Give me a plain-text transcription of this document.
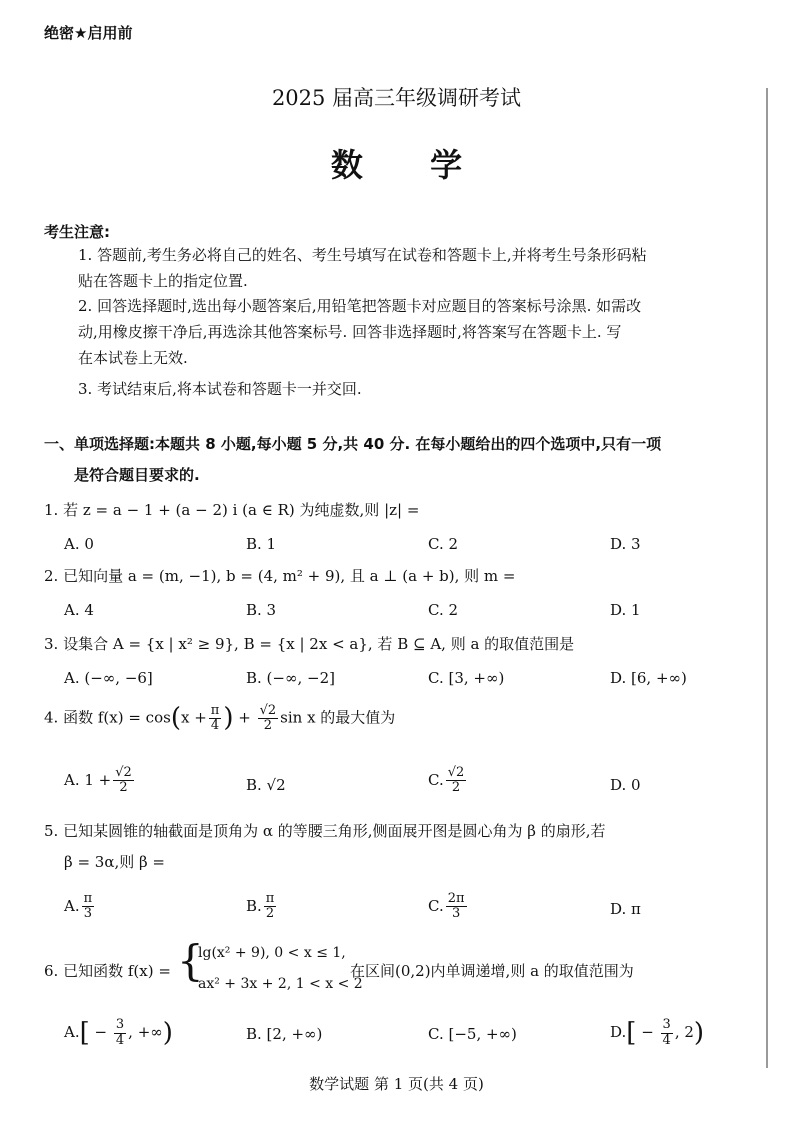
绝密★启用前
2025 届高三年级调研考试
数 学
考生注意:
1. 答题前,考生务必将自己的姓名、考生号填写在试卷和答题卡上,并将考生号条形码粘
贴在答题卡上的指定位置.
2. 回答选择题时,选出每小题答案后,用铅笔把答题卡对应题目的答案标号涂黑. 如需改
动,用橡皮擦干净后,再选涂其他答案标号. 回答非选择题时,将答案写在答题卡上. 写
在本试卷上无效.
3. 考试结束后,将本试卷和答题卡一并交回.
一、单项选择题:本题共 8 小题,每小题 5 分,共 40 分. 在每小题给出的四个选项中,只有一项
是符合题目要求的.
1. 若 z = a − 1 + (a − 2) i (a ∈ R) 为纯虚数,则 |z| =
A. 0	B. 1	C. 2	D. 3
2. 已知向量 a = (m, −1), b = (4, m² + 9), 且 a ⊥ (a + b), 则 m =
A. 4	B. 3	C. 2	D. 1
3. 设集合 A = {x | x² ≥ 9}, B = {x | 2x < a}, 若 B ⊆ A, 则 a 的取值范围是
A. (−∞, −6]	B. (−∞, −2]	C. [3, +∞)	D. [6, +∞)
4. 函数 $f(x) = \cos(x + \frac{\pi}{4}$ ) + $\frac{√2}{2}$ sin x 的最大值为
A. $1 + \frac{√2}{2}$	B. √2	C. $\frac{√2}{2}$	D. 0
5. 已知某圆锥的轴截面是顶角为 α 的等腰三角形,侧面展开图是圆心角为 β 的扇形,若
β = 3α,则 β =
A. $\frac{\pi}{3}$	B. $\frac{\pi}{2}$	C. $\frac{2\pi}{3}$	D. π
6. 已知函数 f(x) = {
lg(x² + 9), 0 < x ≤ 1,
ax² + 3x + 2, 1 < x < 2
在区间(0,2)内单调递增,则 a 的取值范围为
$A.[ - \frac{3}{4}$ , +∞)	B. [2, +∞)	C. [−5, +∞)	$D.[ - \frac{3}{4}$ , 2)
数学试题 第 1 页(共 4 页)
